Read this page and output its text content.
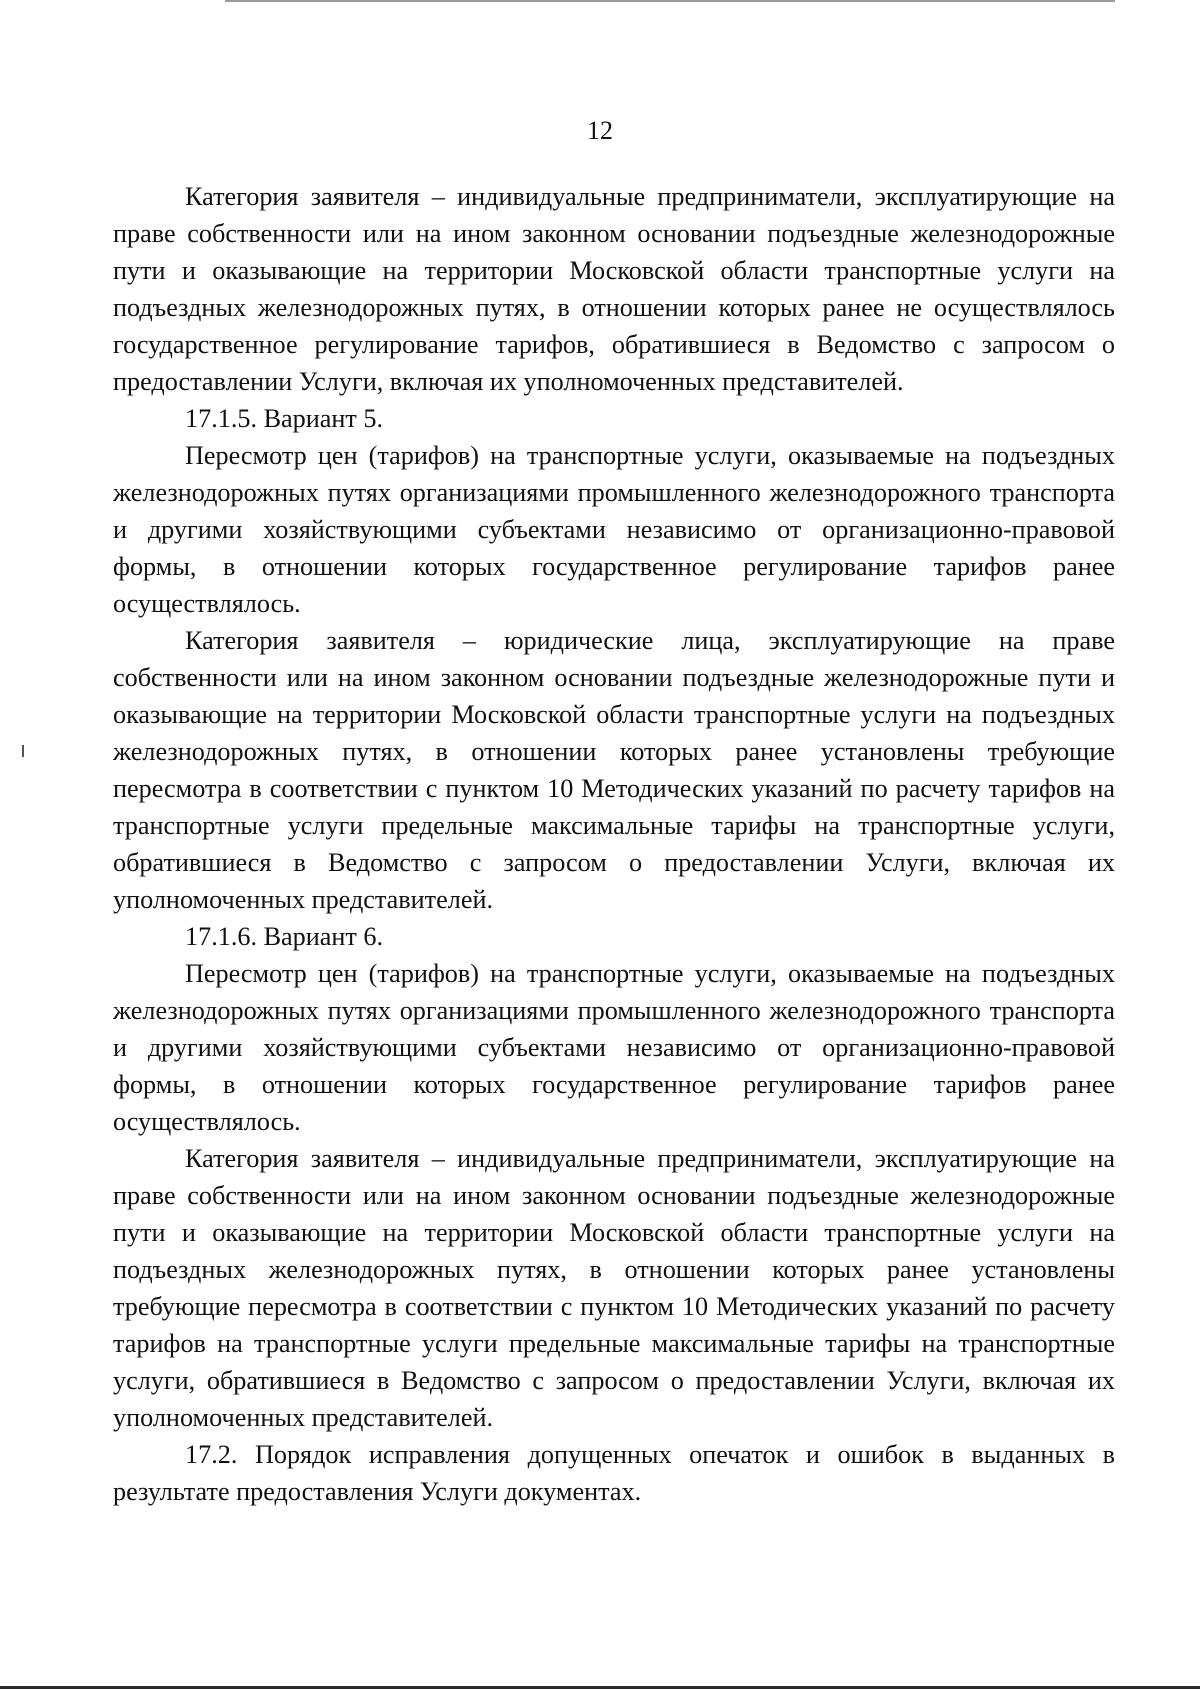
12

Категория заявителя – индивидуальные предприниматели, эксплуатирующие на праве собственности или на ином законном основании подъездные железнодорожные пути и оказывающие на территории Московской области транспортные услуги на подъездных железнодорожных путях, в отношении которых ранее не осуществлялось государственное регулирование тарифов, обратившиеся в Ведомство с запросом о предоставлении Услуги, включая их уполномоченных представителей.

17.1.5. Вариант 5.

Пересмотр цен (тарифов) на транспортные услуги, оказываемые на подъездных железнодорожных путях организациями промышленного железнодорожного транспорта и другими хозяйствующими субъектами независимо от организационно-правовой формы, в отношении которых государственное регулирование тарифов ранее осуществлялось.

Категория заявителя – юридические лица, эксплуатирующие на праве собственности или на ином законном основании подъездные железнодорожные пути и оказывающие на территории Московской области транспортные услуги на подъездных железнодорожных путях, в отношении которых ранее установлены требующие пересмотра в соответствии с пунктом 10 Методических указаний по расчету тарифов на транспортные услуги предельные максимальные тарифы на транспортные услуги, обратившиеся в Ведомство с запросом о предоставлении Услуги, включая их уполномоченных представителей.

17.1.6. Вариант 6.

Пересмотр цен (тарифов) на транспортные услуги, оказываемые на подъездных железнодорожных путях организациями промышленного железнодорожного транспорта и другими хозяйствующими субъектами независимо от организационно-правовой формы, в отношении которых государственное регулирование тарифов ранее осуществлялось.

Категория заявителя – индивидуальные предприниматели, эксплуатирующие на праве собственности или на ином законном основании подъездные железнодорожные пути и оказывающие на территории Московской области транспортные услуги на подъездных железнодорожных путях, в отношении которых ранее установлены требующие пересмотра в соответствии с пунктом 10 Методических указаний по расчету тарифов на транспортные услуги предельные максимальные тарифы на транспортные услуги, обратившиеся в Ведомство с запросом о предоставлении Услуги, включая их уполномоченных представителей.

17.2. Порядок исправления допущенных опечаток и ошибок в выданных в результате предоставления Услуги документах.
